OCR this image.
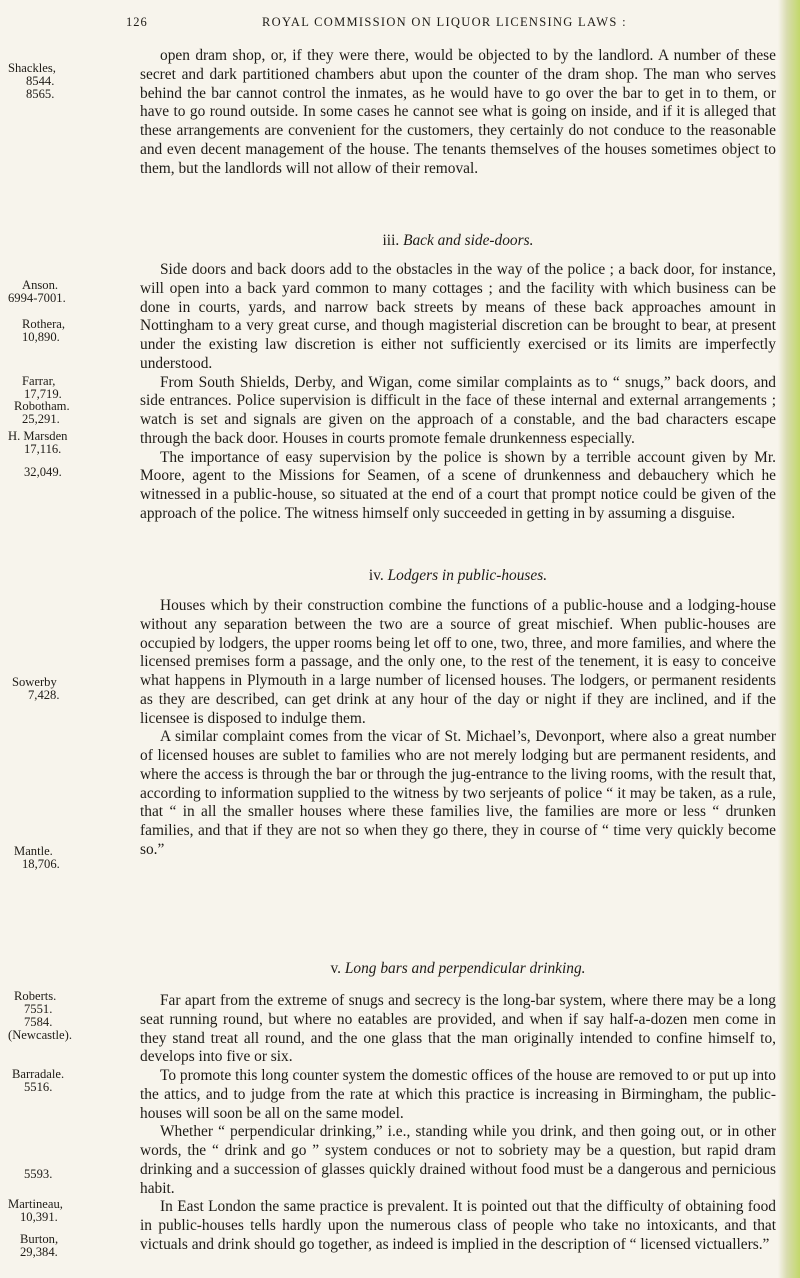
126	ROYAL COMMISSION ON LIQUOR LICENSING LAWS :

open dram shop, or, if they were there, would be objected to by the landlord. A number of these secret and dark partitioned chambers abut upon the counter of the dram shop. The man who serves behind the bar cannot control the inmates, as he would have to go over the bar to get in to them, or have to go round outside. In some cases he cannot see what is going on inside, and if it is alleged that these arrangements are convenient for the customers, they certainly do not conduce to the reasonable and even decent management of the house. The tenants themselves of the houses sometimes object to them, but the landlords will not allow of their removal.

iii. Back and side-doors.

Side doors and back doors add to the obstacles in the way of the police ; a back door, for instance, will open into a back yard common to many cottages ; and the facility with which business can be done in courts, yards, and narrow back streets by means of these back approaches amount in Nottingham to a very great curse, and though magisterial discretion can be brought to bear, at present under the existing law discretion is either not sufficiently exercised or its limits are imperfectly understood.

From South Shields, Derby, and Wigan, come similar complaints as to “ snugs,” back doors, and side entrances. Police supervision is difficult in the face of these internal and external arrangements ; watch is set and signals are given on the approach of a constable, and the bad characters escape through the back door. Houses in courts promote female drunkenness especially.

The importance of easy supervision by the police is shown by a terrible account given by Mr. Moore, agent to the Missions for Seamen, of a scene of drunkenness and debauchery which he witnessed in a public-house, so situated at the end of a court that prompt notice could be given of the approach of the police. The witness himself only succeeded in getting in by assuming a disguise.

iv. Lodgers in public-houses.

Houses which by their construction combine the functions of a public-house and a lodging-house without any separation between the two are a source of great mischief. When public-houses are occupied by lodgers, the upper rooms being let off to one, two, three, and more families, and where the licensed premises form a passage, and the only one, to the rest of the tenement, it is easy to conceive what happens in Plymouth in a large number of licensed houses. The lodgers, or permanent residents as they are described, can get drink at any hour of the day or night if they are inclined, and if the licensee is disposed to indulge them.

A similar complaint comes from the vicar of St. Michael’s, Devonport, where also a great number of licensed houses are sublet to families who are not merely lodging but are permanent residents, and where the access is through the bar or through the jug-entrance to the living rooms, with the result that, according to information supplied to the witness by two serjeants of police “ it may be taken, as a rule, that “ in all the smaller houses where these families live, the families are more or less “ drunken families, and that if they are not so when they go there, they in course of “ time very quickly become so.”

v. Long bars and perpendicular drinking.

Far apart from the extreme of snugs and secrecy is the long-bar system, where there may be a long seat running round, but where no eatables are provided, and when if say half-a-dozen men come in they stand treat all round, and the one glass that the man originally intended to confine himself to, develops into five or six.

To promote this long counter system the domestic offices of the house are removed to or put up into the attics, and to judge from the rate at which this practice is increasing in Birmingham, the public-houses will soon be all on the same model.

Whether “ perpendicular drinking,” i.e., standing while you drink, and then going out, or in other words, the “ drink and go ” system conduces or not to sobriety may be a question, but rapid dram drinking and a succession of glasses quickly drained without food must be a dangerous and pernicious habit.

In East London the same practice is prevalent. It is pointed out that the difficulty of obtaining food in public-houses tells hardly upon the numerous class of people who take no intoxicants, and that victuals and drink should go together, as indeed is implied in the description of “ licensed victuallers.”

Shackles,
8544.
8565.
Anson.
6994-7001.
Rothera,
10,890.
Farrar,
17,719.
Robotham.
25,291.
H. Marsden
17,116.
32,049.
Sowerby
7,428.
Mantle.
18,706.
Roberts.
7551.
7584.
(Newcastle).
Barradale.
5516.
5593.
Martineau,
10,391.
Burton,
29,384.
